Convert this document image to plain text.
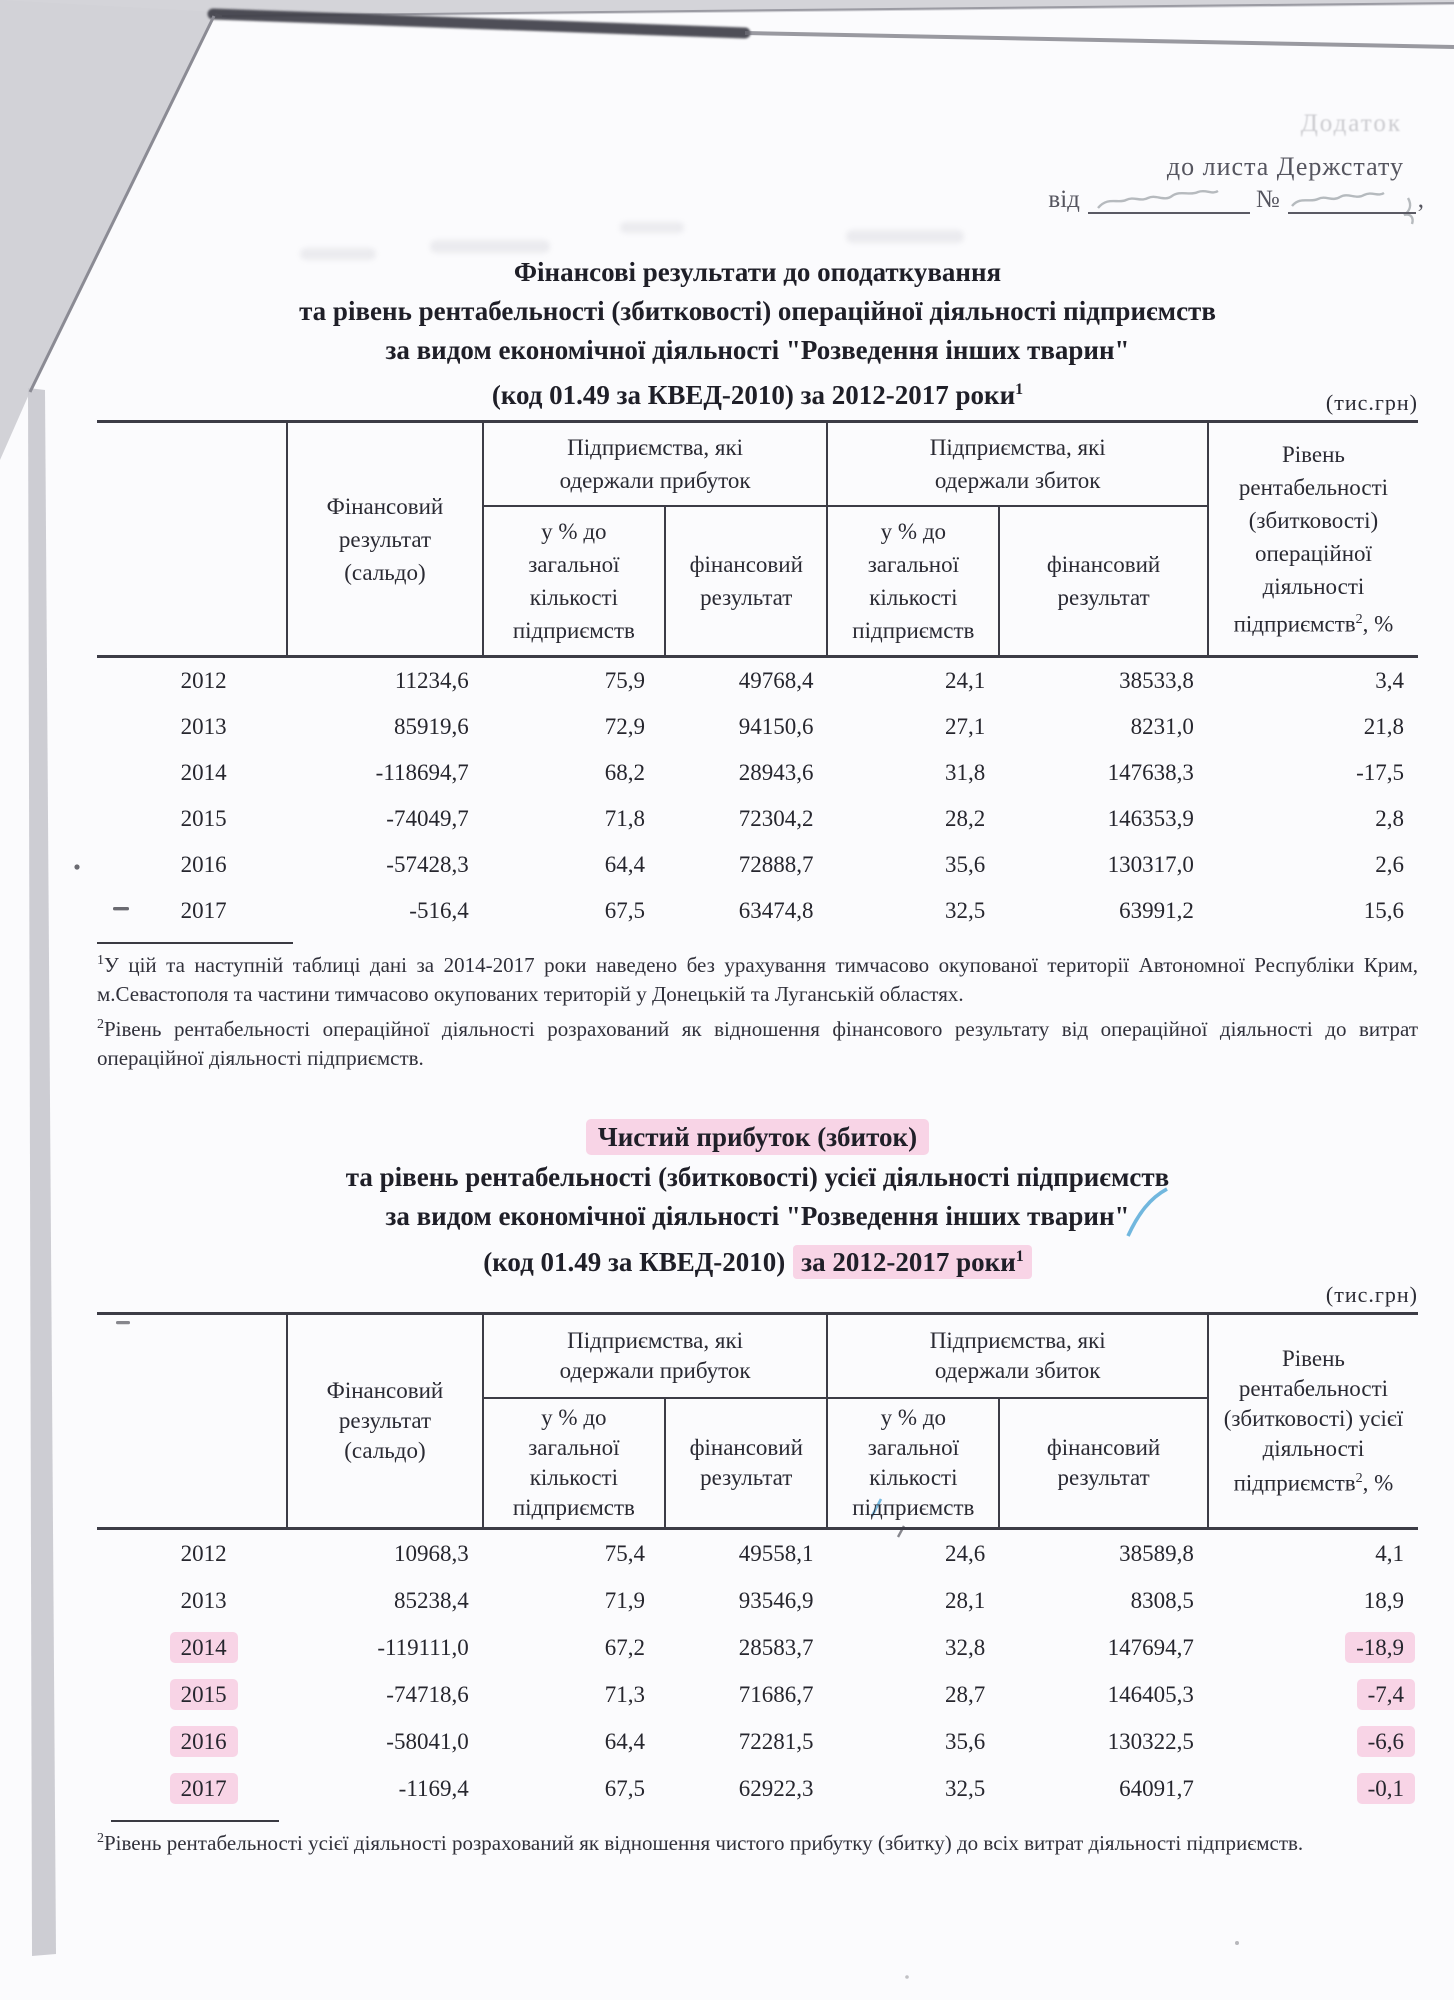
Додаток
до листа Держстату
від	№	,
Фінансові результати до оподаткування
та рівень рентабельності (збитковості) операційної діяльності підприємств
за видом економічної діяльності "Розведення інших тварин"
(код 01.49 за КВЕД-2010) за 2012-2017 роки$^1$
(тис.грн)
	Фінансовий результат (сальдо)	Підприємства, які одержали прибуток		Підприємства, які одержали збиток		Рівень рентабельності (збитковості) операційної діяльності підприємств$^2$, %
		у % до загальної кількості підприємств	фінансовий результат	у % до загальної кількості підприємств	фінансовий результат	
2012	11234,6	75,9	49768,4	24,1	38533,8	3,4
2013	85919,6	72,9	94150,6	27,1	8231,0	21,8
2014	-118694,7	68,2	28943,6	31,8	147638,3	-17,5
2015	-74049,7	71,8	72304,2	28,2	146353,9	2,8
2016	-57428,3	64,4	72888,7	35,6	130317,0	2,6
2017	-516,4	67,5	63474,8	32,5	63991,2	15,6

$^1$У цій та наступній таблиці дані за 2014-2017 роки наведено без урахування тимчасово окупованої території Автономної Республіки Крим, м.Севастополя та частини тимчасово окупованих територій у Донецькій та Луганській областях.

$^2$Рівень рентабельності операційної діяльності розрахований як відношення фінансового результату від операційної діяльності до витрат операційної діяльності підприємств.

Чистий прибуток (збиток)
та рівень рентабельності (збитковості) усієї діяльності підприємств
за видом економічної діяльності "Розведення інших тварин"
(код 01.49 за КВЕД-2010) за 2012-2017 роки$^1$
(тис.грн)
	Фінансовий результат (сальдо)	Підприємства, які одержали прибуток		Підприємства, які одержали збиток		Рівень рентабельності (збитковості) усієї діяльності підприємств$^2$, %
		у % до загальної кількості підприємств	фінансовий результат	у % до загальної кількості підприємств	фінансовий результат	
2012	10968,3	75,4	49558,1	24,6	38589,8	4,1
2013	85238,4	71,9	93546,9	28,1	8308,5	18,9
2014	-119111,0	67,2	28583,7	32,8	147694,7	-18,9
2015	-74718,6	71,3	71686,7	28,7	146405,3	-7,4
2016	-58041,0	64,4	72281,5	35,6	130322,5	-6,6
2017	-1169,4	67,5	62922,3	32,5	64091,7	-0,1

$^2$Рівень рентабельності усієї діяльності розрахований як відношення чистого прибутку (збитку) до всіх витрат діяльності підприємств.
